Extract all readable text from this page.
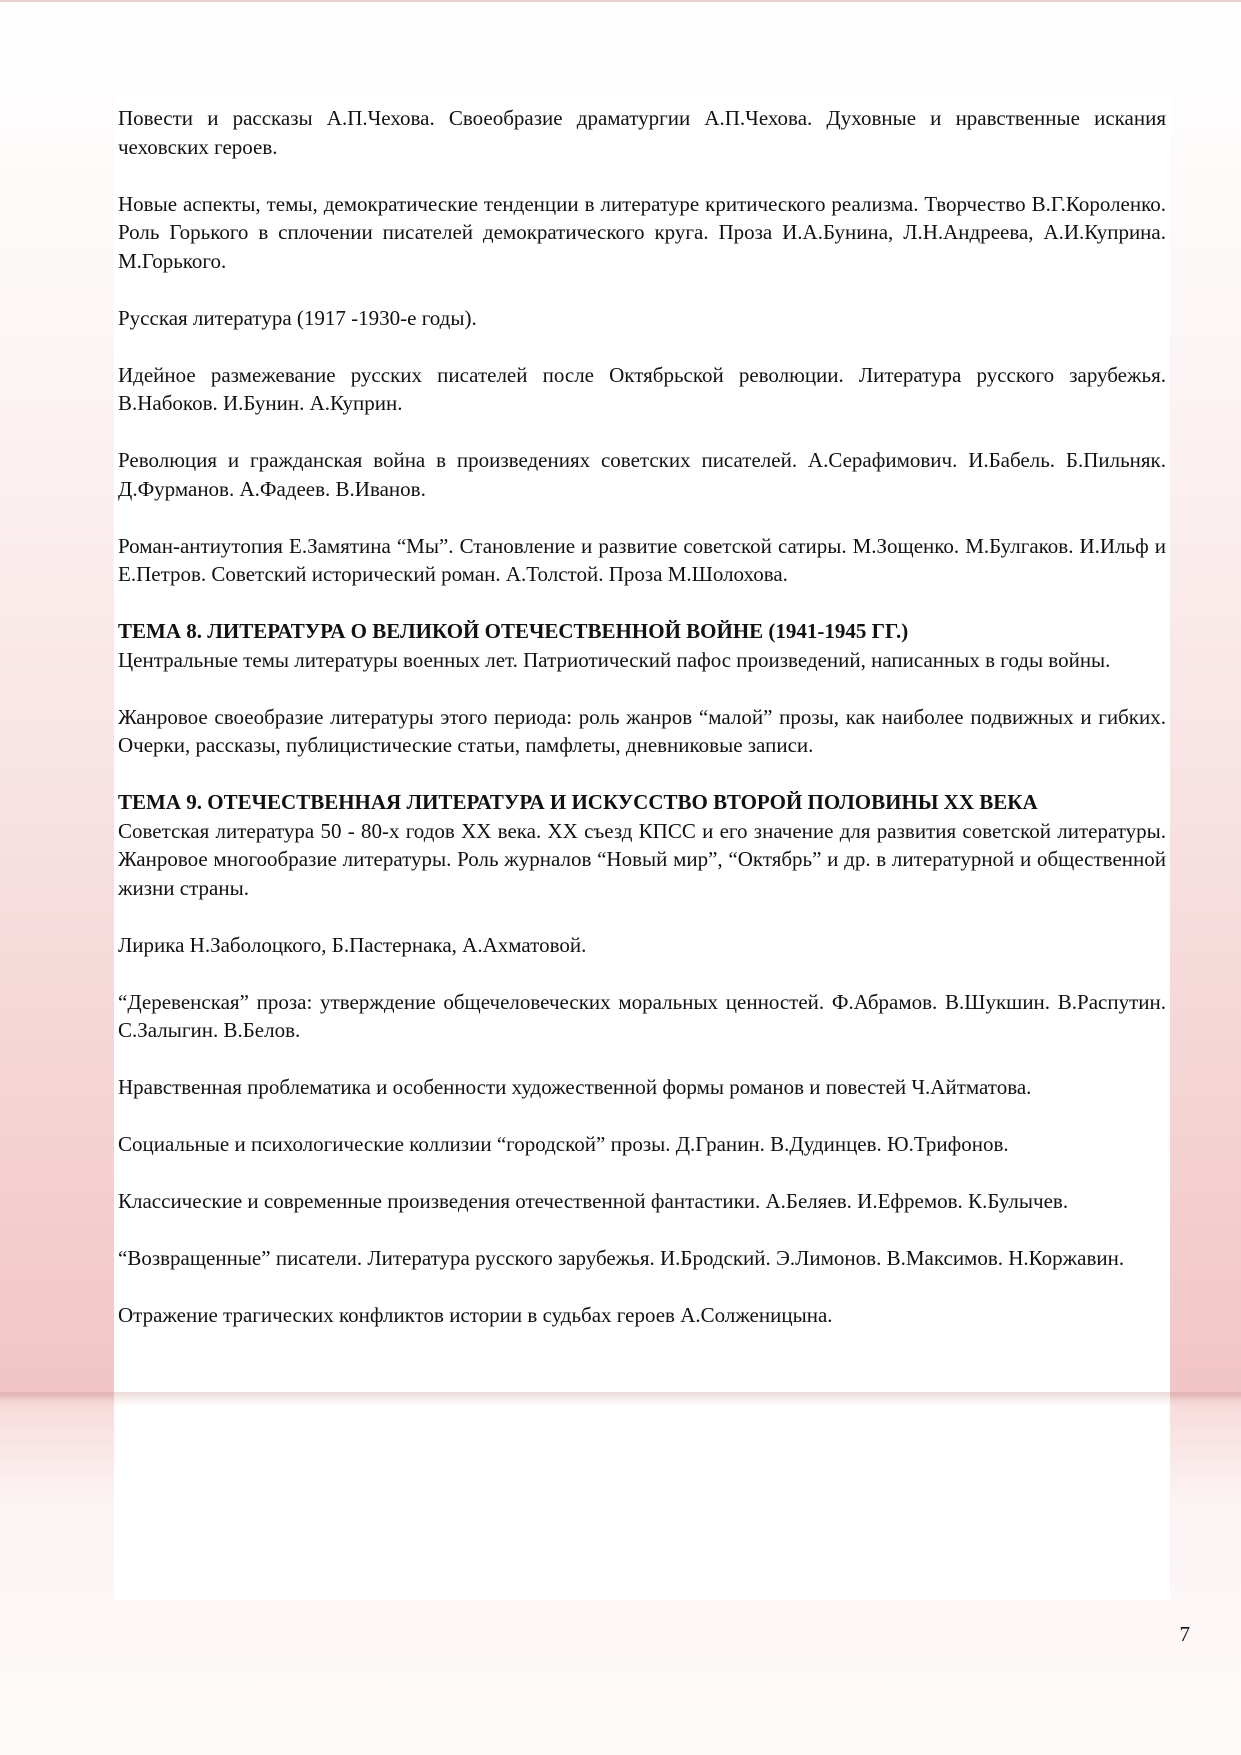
Повести и рассказы А.П.Чехова. Своеобразие драматургии А.П.Чехова. Духовные и нравственные искания чеховских героев.

Новые аспекты, темы, демократические тенденции в литературе критического реализма. Творчество В.Г.Короленко. Роль Горького в сплочении писателей демократического круга. Проза И.А.Бунина, Л.Н.Андреева, А.И.Куприна. М.Горького.

Русская литература (1917 -1930-е годы).

Идейное размежевание русских писателей после Октябрьской революции. Литература русского зарубежья. В.Набоков. И.Бунин. А.Куприн.

Революция и гражданская война в произведениях советских писателей. А.Серафимович. И.Бабель. Б.Пильняк. Д.Фурманов. А.Фадеев. В.Иванов.

Роман-антиутопия Е.Замятина “Мы”. Становление и развитие советской сатиры. М.Зощенко. М.Булгаков. И.Ильф и Е.Петров. Советский исторический роман. А.Толстой. Проза М.Шолохова.

ТЕМА 8. ЛИТЕРАТУРА О ВЕЛИКОЙ ОТЕЧЕСТВЕННОЙ ВОЙНЕ (1941-1945 ГГ.)

Центральные темы литературы военных лет. Патриотический пафос произведений, написанных в годы войны.

Жанровое своеобразие литературы этого периода: роль жанров “малой” прозы, как наиболее подвижных и гибких. Очерки, рассказы, публицистические статьи, памфлеты, дневниковые записи.

ТЕМА 9. ОТЕЧЕСТВЕННАЯ ЛИТЕРАТУРА И ИСКУССТВО ВТОРОЙ ПОЛОВИНЫ ХХ ВЕКА

Советская литература 50 - 80-х годов ХХ века. ХХ съезд КПСС и его значение для развития советской литературы. Жанровое многообразие литературы. Роль журналов “Новый мир”, “Октябрь” и др. в литературной и общественной жизни страны.

Лирика Н.Заболоцкого, Б.Пастернака, А.Ахматовой.

“Деревенская” проза: утверждение общечеловеческих моральных ценностей. Ф.Абрамов. В.Шукшин. В.Распутин. С.Залыгин. В.Белов.

Нравственная проблематика и особенности художественной формы романов и повестей Ч.Айтматова.

Социальные и психологические коллизии “городской” прозы. Д.Гранин. В.Дудинцев. Ю.Трифонов.

Классические и современные произведения отечественной фантастики. А.Беляев. И.Ефремов. К.Булычев.

“Возвращенные” писатели. Литература русского зарубежья. И.Бродский. Э.Лимонов. В.Максимов. Н.Коржавин.

Отражение трагических конфликтов истории в судьбах героев А.Солженицына.

7
